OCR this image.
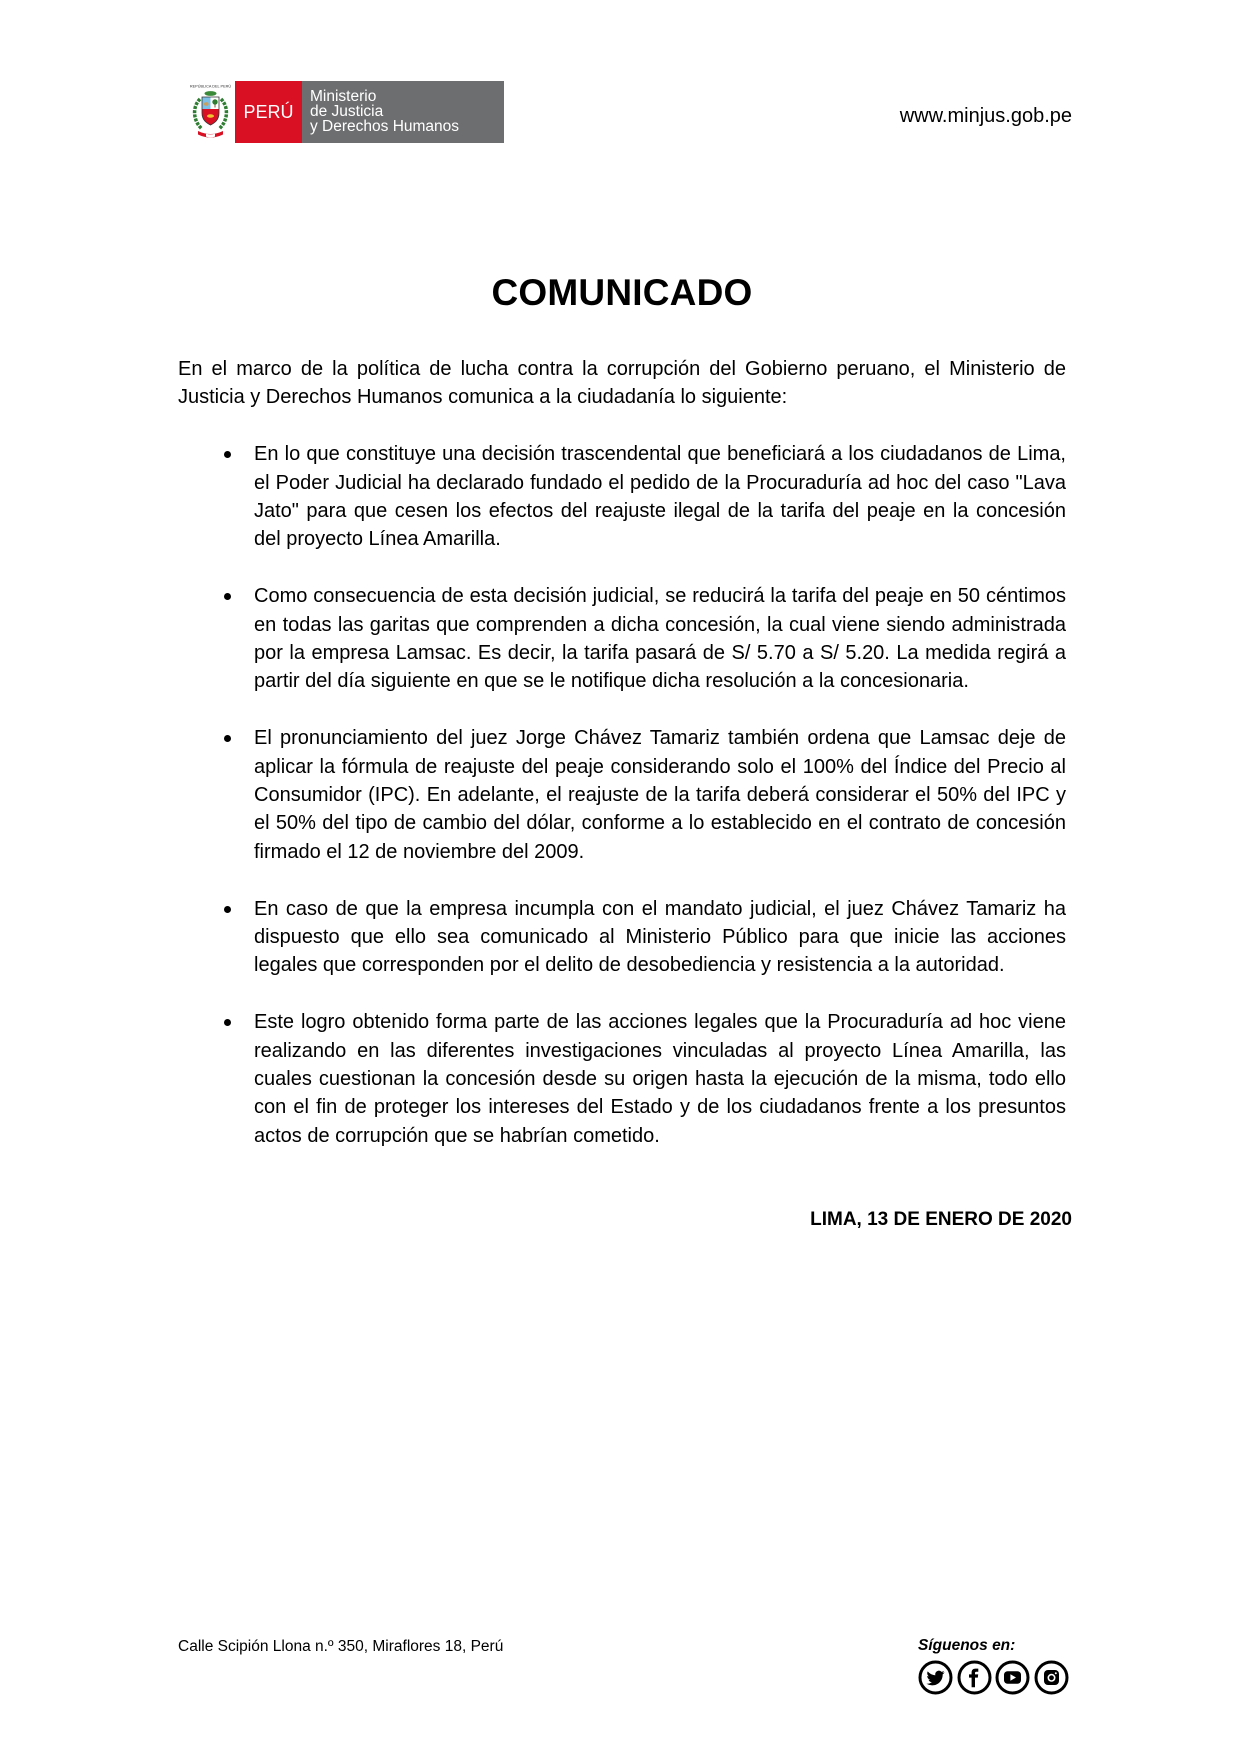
REPÚBLICA DEL PERÚ
PERÚ
Ministerio
de Justicia
y Derechos Humanos	www.minjus.gob.pe
COMUNICADO

En el marco de la política de lucha contra la corrupción del Gobierno peruano, el Ministerio de Justicia y Derechos Humanos comunica a la ciudadanía lo siguiente:

En lo que constituye una decisión trascendental que beneficiará a los ciudadanos de Lima, el Poder Judicial ha declarado fundado el pedido de la Procuraduría ad hoc del caso "Lava Jato" para que cesen los efectos del reajuste ilegal de la tarifa del peaje en la concesión del proyecto Línea Amarilla.
Como consecuencia de esta decisión judicial, se reducirá la tarifa del peaje en 50 céntimos en todas las garitas que comprenden a dicha concesión, la cual viene siendo administrada por la empresa Lamsac. Es decir, la tarifa pasará de S/ 5.70 a S/ 5.20. La medida regirá a partir del día siguiente en que se le notifique dicha resolución a la concesionaria.
El pronunciamiento del juez Jorge Chávez Tamariz también ordena que Lamsac deje de aplicar la fórmula de reajuste del peaje considerando solo el 100% del Índice del Precio al Consumidor (IPC). En adelante, el reajuste de la tarifa deberá considerar el 50% del IPC y el 50% del tipo de cambio del dólar, conforme a lo establecido en el contrato de concesión firmado el 12 de noviembre del 2009.
En caso de que la empresa incumpla con el mandato judicial, el juez Chávez Tamariz ha dispuesto que ello sea comunicado al Ministerio Público para que inicie las acciones legales que corresponden por el delito de desobediencia y resistencia a la autoridad.
Este logro obtenido forma parte de las acciones legales que la Procuraduría ad hoc viene realizando en las diferentes investigaciones vinculadas al proyecto Línea Amarilla, las cuales cuestionan la concesión desde su origen hasta la ejecución de la misma, todo ello con el fin de proteger los intereses del Estado y de los ciudadanos frente a los presuntos actos de corrupción que se habrían cometido.
LIMA, 13 DE ENERO DE 2020
Calle Scipión Llona n.º 350, Miraflores 18, Perú	Síguenos en:
